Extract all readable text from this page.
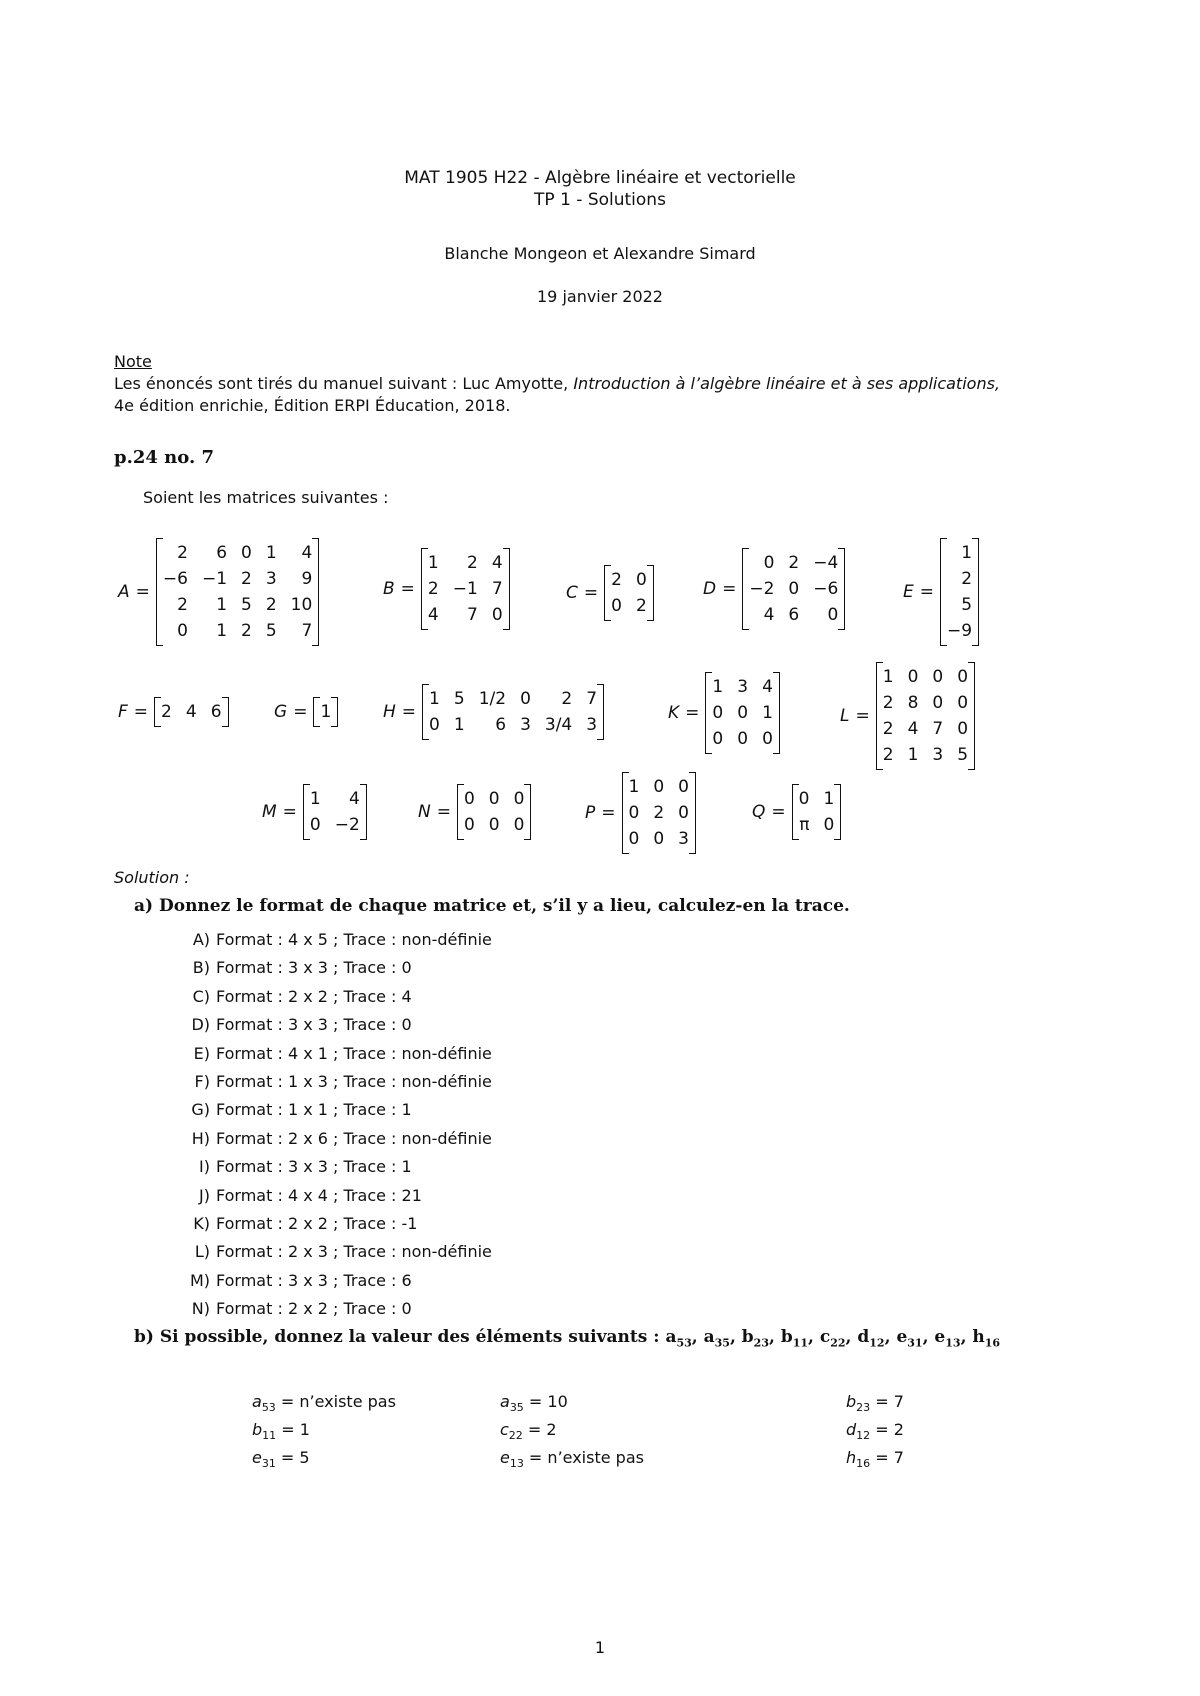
MAT 1905 H22 - Algèbre linéaire et vectorielle
TP 1 - Solutions
Blanche Mongeon et Alexandre Simard
19 janvier 2022
Note
Les énoncés sont tirés du manuel suivant : Luc Amyotte, Introduction à l’algèbre linéaire et à ses applications,
4e édition enrichie, Édition ERPI Éducation, 2018.
p.24 no. 7
Soient les matrices suivantes :
A =
2	6 0 1	4
−6 −1 2 3	9
2	1 5 2 10
0	1 2 5	7
B =
1	2 4
2 −1 7
4	7 0
C =
2 0
0 2
D =
0 2 −4
−2 0 −6
4 6	0
E =
1
2
5
−9
F = 2 4 6	G = 1	H =
1 5 1/2 0	2 7
0 1	6 3 3/4 3
K =
1 3 4
0 0 1
0 0 0
L =
1 0 0 0
2 8 0 0
2 4 7 0
2 1 3 5
M =
1	4
0 −2
N =
0 0 0
0 0 0
P =
1 0 0
0 2 0
0 0 3
Q =
0 1
π 0
Solution :
a) Donnez le format de chaque matrice et, s’il y a lieu, calculez-en la trace.
A) Format : 4 x 5 ; Trace : non-définie
B) Format : 3 x 3 ; Trace : 0
C) Format : 2 x 2 ; Trace : 4
D) Format : 3 x 3 ; Trace : 0
E) Format : 4 x 1 ; Trace : non-définie
F) Format : 1 x 3 ; Trace : non-définie
G) Format : 1 x 1 ; Trace : 1
H) Format : 2 x 6 ; Trace : non-définie
I) Format : 3 x 3 ; Trace : 1
J) Format : 4 x 4 ; Trace : 21
K) Format : 2 x 2 ; Trace : -1
L) Format : 2 x 3 ; Trace : non-définie
M) Format : 3 x 3 ; Trace : 6
N) Format : 2 x 2 ; Trace : 0
b) Si possible, donnez la valeur des éléments suivants : $a_{53}$, $a_{35}$, $b_{23}$, $b_{11}$, $c_{22}$, $d_{12}$, $e_{31}$, $e_{13}$, $h_{16}$
$a_{53}$ = n’existe pas	$a_{35} = 10$	$b_{23} = 7$
$b_{11} = 1$	$c_{22} = 2$	$d_{12} = 2$
$e_{31} = 5$	$e_{13}$ = n’existe pas	$h_{16} = 7$
1
